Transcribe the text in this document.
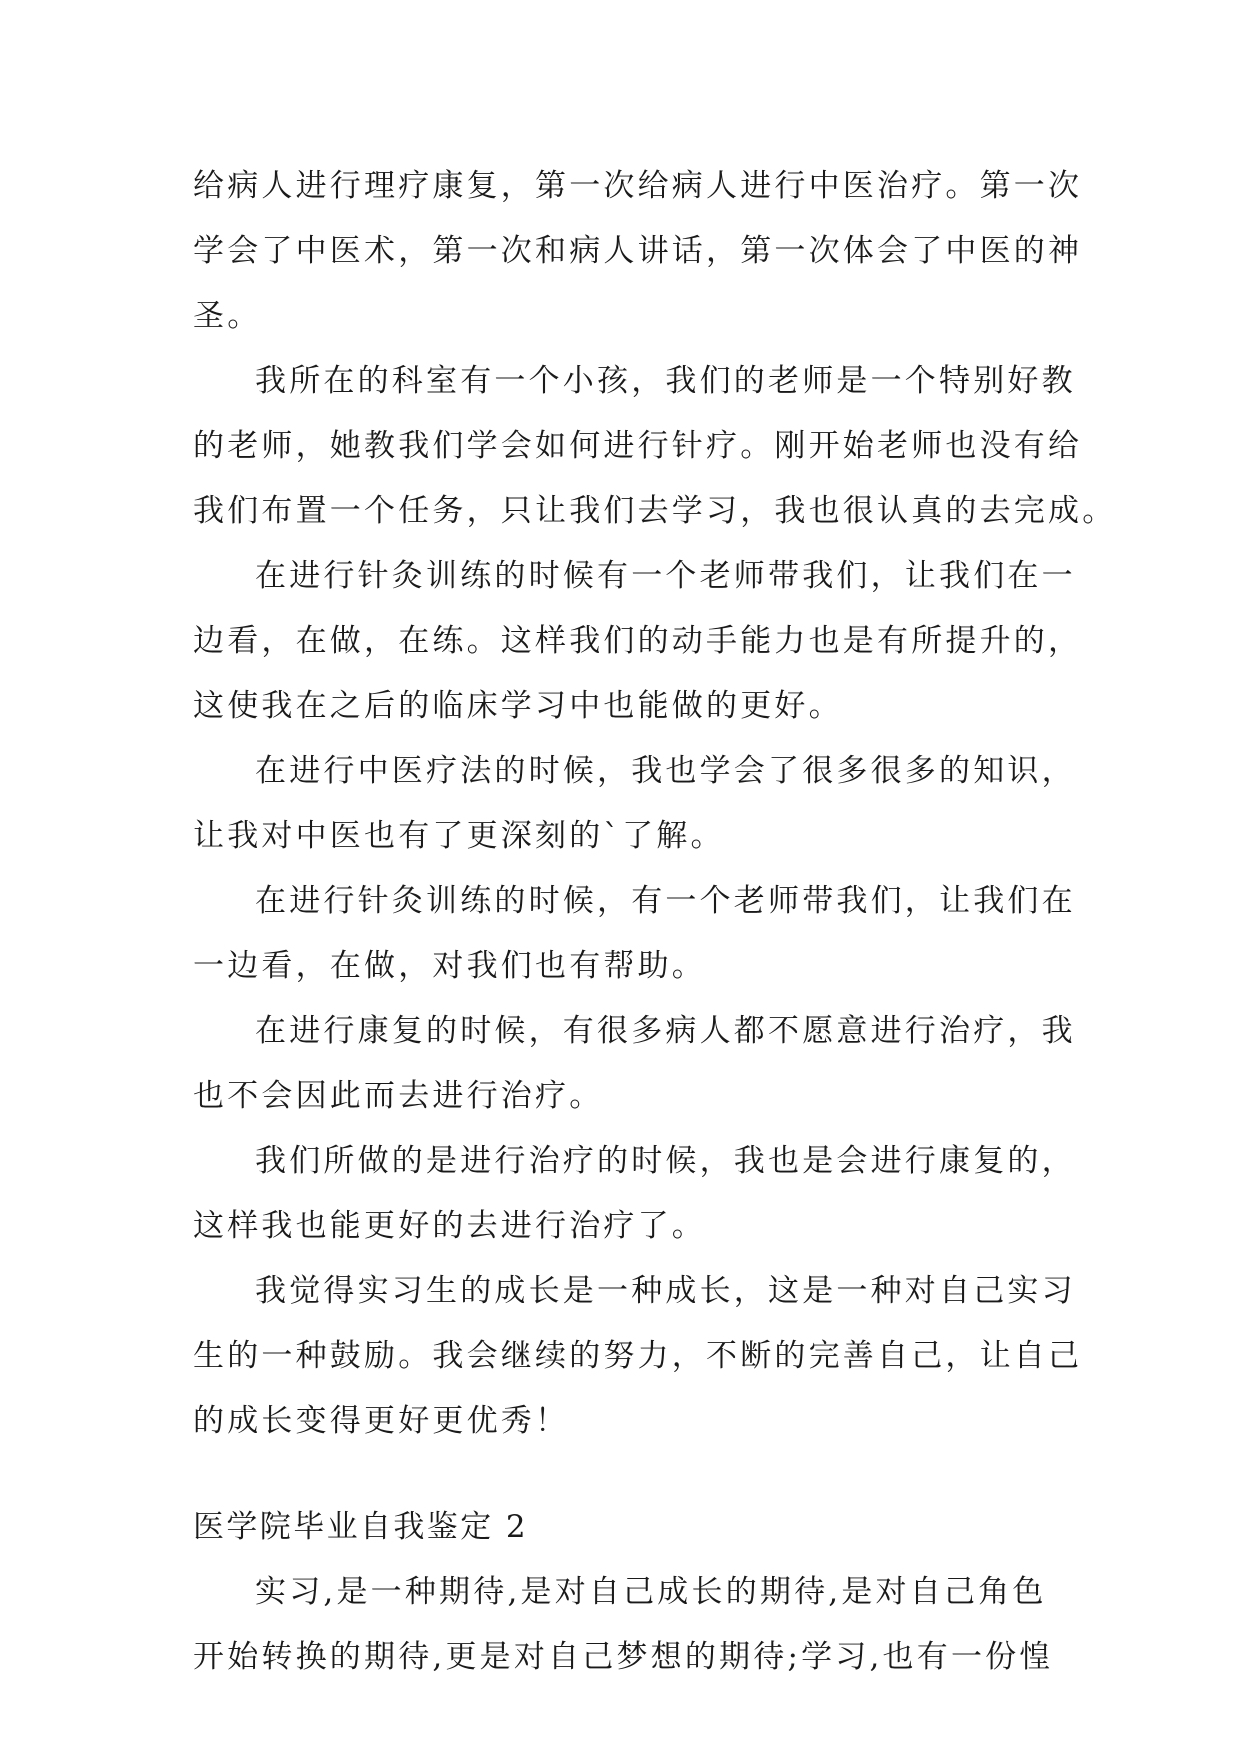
给病人进行理疗康复，第一次给病人进行中医治疗。第一次
学会了中医术，第一次和病人讲话，第一次体会了中医的神
圣。
我所在的科室有一个小孩，我们的老师是一个特别好教
的老师，她教我们学会如何进行针疗。刚开始老师也没有给
我们布置一个任务，只让我们去学习，我也很认真的去完成。
在进行针灸训练的时候有一个老师带我们，让我们在一
边看，在做，在练。这样我们的动手能力也是有所提升的，
这使我在之后的临床学习中也能做的更好。
在进行中医疗法的时候，我也学会了很多很多的知识，
让我对中医也有了更深刻的`了解。
在进行针灸训练的时候，有一个老师带我们，让我们在
一边看，在做，对我们也有帮助。
在进行康复的时候，有很多病人都不愿意进行治疗，我
也不会因此而去进行治疗。
我们所做的是进行治疗的时候，我也是会进行康复的，
这样我也能更好的去进行治疗了。
我觉得实习生的成长是一种成长，这是一种对自己实习
生的一种鼓励。我会继续的努力，不断的完善自己，让自己
的成长变得更好更优秀！
医学院毕业自我鉴定 2
实习,是一种期待,是对自己成长的期待,是对自己角色
开始转换的期待,更是对自己梦想的期待;学习,也有一份惶
